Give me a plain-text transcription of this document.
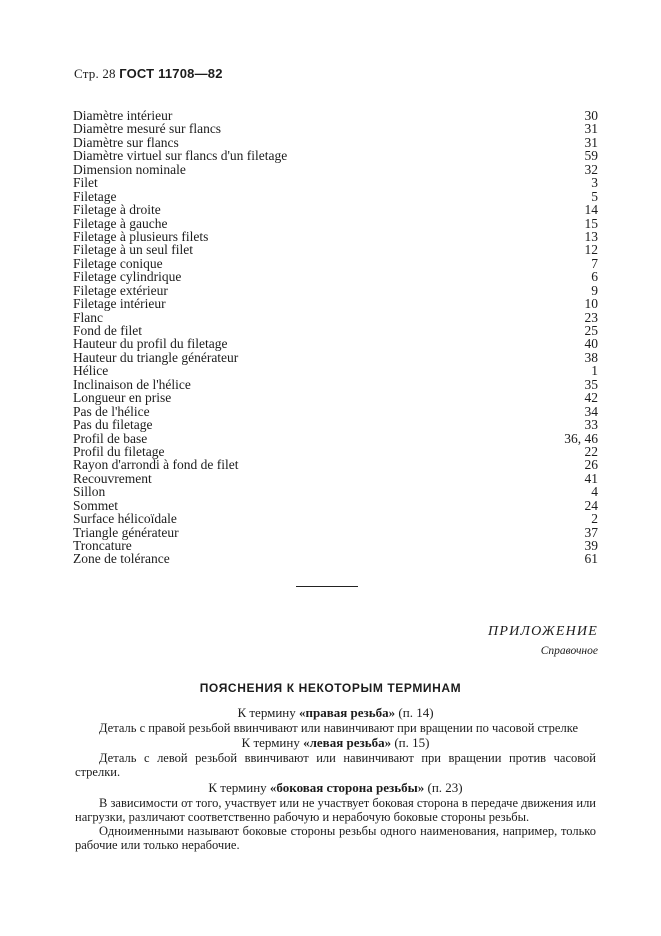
Стр. 28 ГОСТ 11708—82
Diamètre intérieur	30
Diamètre mesuré sur flancs	31
Diamètre sur flancs	31
Diamètre virtuel sur flancs d'un filetage	59
Dimension nominale	32
Filet	3
Filetage	5
Filetage à droite	14
Filetage à gauche	15
Filetage à plusieurs filets	13
Filetage à un seul filet	12
Filetage conique	7
Filetage cylindrique	6
Filetage extérieur	9
Filetage intérieur	10
Flanc	23
Fond de filet	25
Hauteur du profil du filetage	40
Hauteur du triangle générateur	38
Hélice	1
Inclinaison de l'hélice	35
Longueur en prise	42
Pas de l'hélice	34
Pas du filetage	33
Profil de base	36, 46
Profil du filetage	22
Rayon d'arrondi à fond de filet	26
Recouvrement	41
Sillon	4
Sommet	24
Surface hélicoïdale	2
Triangle générateur	37
Troncature	39
Zone de tolérance	61
ПРИЛОЖЕНИЕ
Справочное
ПОЯСНЕНИЯ К НЕКОТОРЫМ ТЕРМИНАМ
К термину «правая резьба» (п. 14)

Деталь с правой резьбой ввинчивают или навинчивают при вращении по часовой стрелке

К термину «левая резьба» (п. 15)

Деталь с левой резьбой ввинчивают или навинчивают при вращении против часовой стрелки.

К термину «боковая сторона резьбы» (п. 23)

В зависимости от того, участвует или не участвует боковая сторона в передаче движения или нагрузки, различают соответственно рабочую и нерабочую боковые стороны резьбы.

Одноименными называют боковые стороны резьбы одного наименования, например, только рабочие или только нерабочие.
